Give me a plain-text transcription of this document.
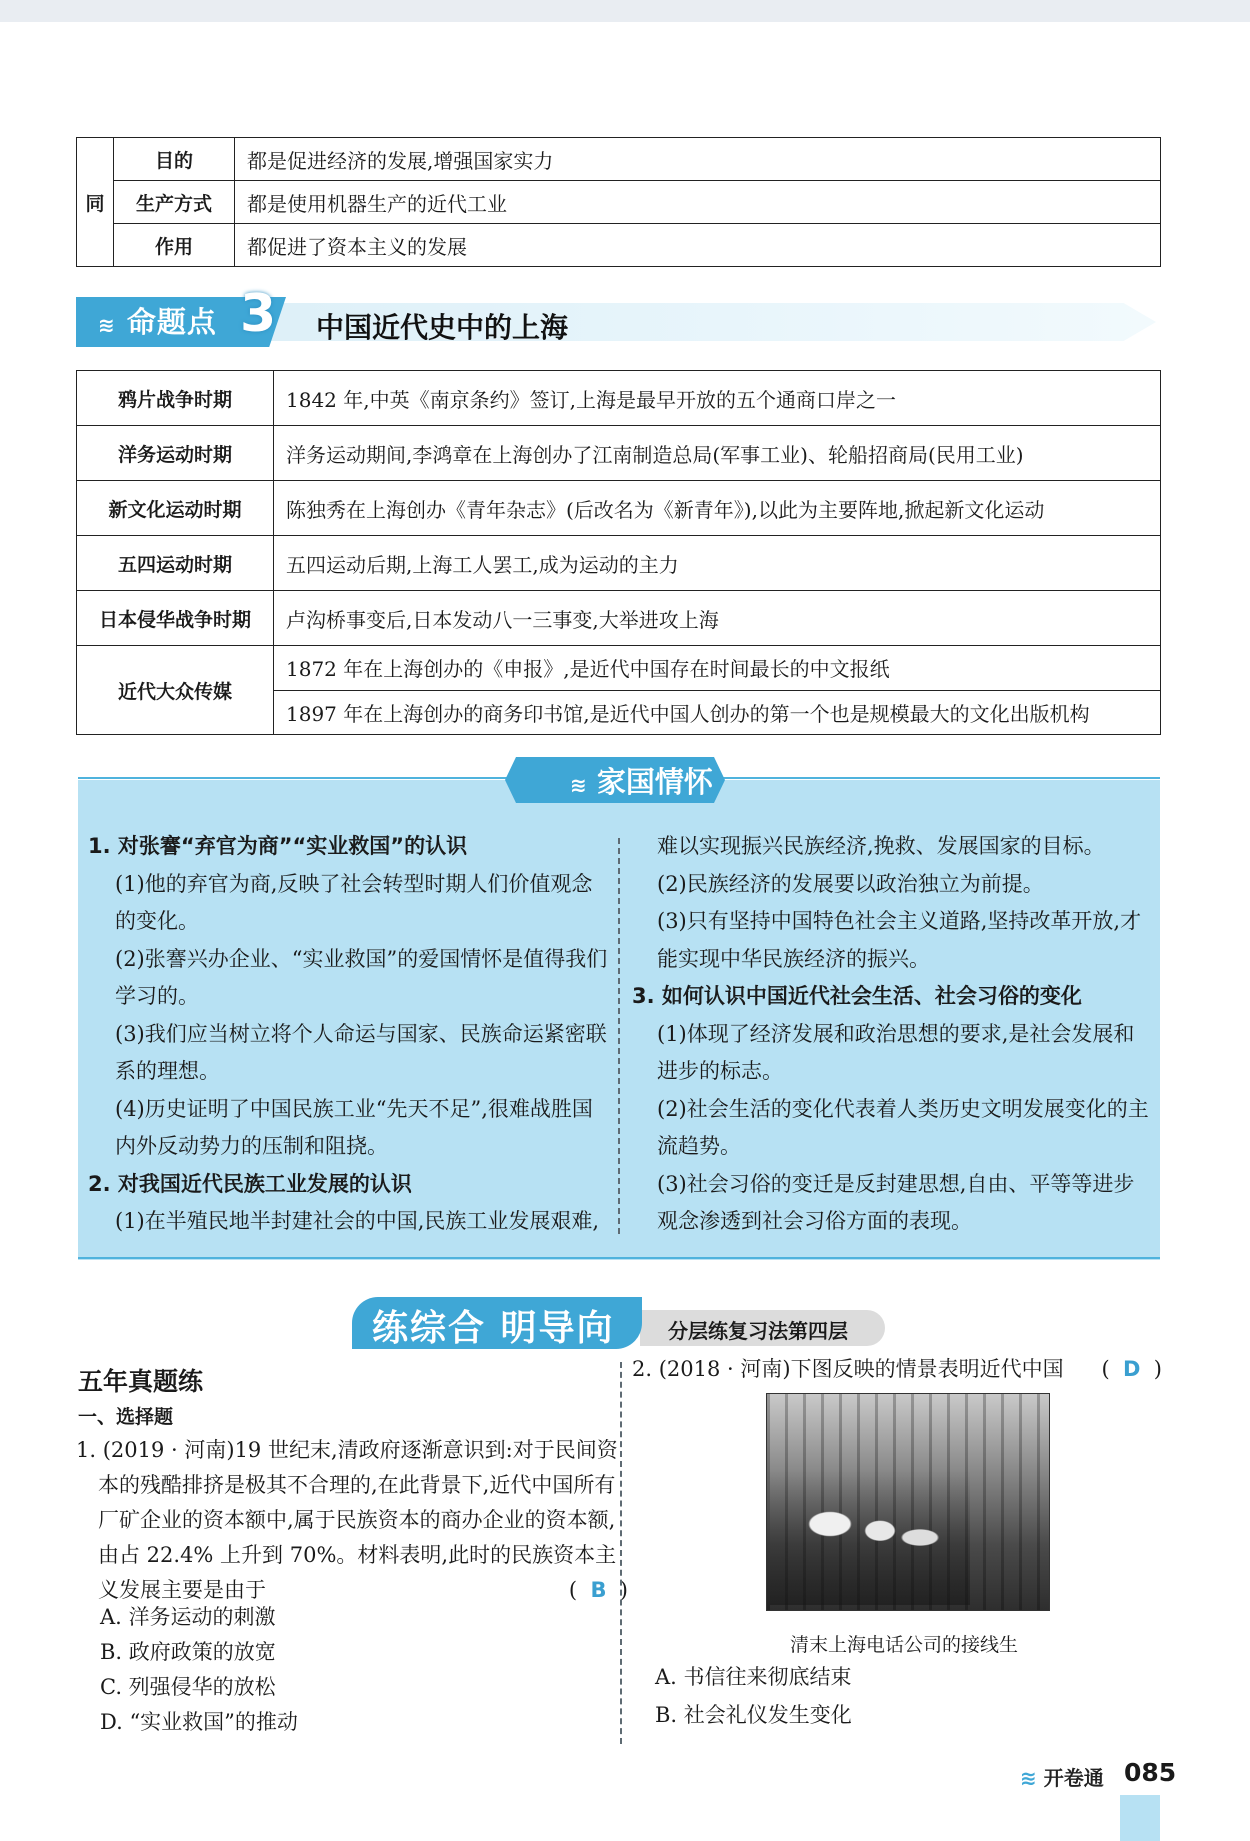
同	目的	都是促进经济的发展,增强国家实力
	生产方式	都是使用机器生产的近代工业
	作用	都促进了资本主义的发展
≋ 命题点 3 中国近代史中的上海
鸦片战争时期	1842 年,中英《南京条约》签订,上海是最早开放的五个通商口岸之一
洋务运动时期	洋务运动期间,李鸿章在上海创办了江南制造总局(军事工业)、轮船招商局(民用工业)
新文化运动时期	陈独秀在上海创办《青年杂志》(后改名为《新青年》),以此为主要阵地,掀起新文化运动
五四运动时期	五四运动后期,上海工人罢工,成为运动的主力
日本侵华战争时期	卢沟桥事变后,日本发动八一三事变,大举进攻上海
近代大众传媒	1872 年在上海创办的《申报》,是近代中国存在时间最长的中文报纸
	1897 年在上海创办的商务印书馆,是近代中国人创办的第一个也是规模最大的文化出版机构
≋ 家国情怀

1. 对张謇“弃官为商”“实业救国”的认识

(1)他的弃官为商,反映了社会转型时期人们价值观念的变化。

(2)张謇兴办企业、“实业救国”的爱国情怀是值得我们学习的。

(3)我们应当树立将个人命运与国家、民族命运紧密联系的理想。

(4)历史证明了中国民族工业“先天不足”,很难战胜国内外反动势力的压制和阻挠。

2. 对我国近代民族工业发展的认识

(1)在半殖民地半封建社会的中国,民族工业发展艰难,

难以实现振兴民族经济,挽救、发展国家的目标。

(2)民族经济的发展要以政治独立为前提。

(3)只有坚持中国特色社会主义道路,坚持改革开放,才能实现中华民族经济的振兴。

3. 如何认识中国近代社会生活、社会习俗的变化

(1)体现了经济发展和政治思想的要求,是社会发展和进步的标志。

(2)社会生活的变化代表着人类历史文明发展变化的主流趋势。

(3)社会习俗的变迁是反封建思想,自由、平等等进步观念渗透到社会习俗方面的表现。

练综合 明导向	分层练复习法第四层
五年真题练
一、选择题
1. (2019 · 河南)19 世纪末,清政府逐渐意识到:对于民间资本的残酷排挤是极其不合理的,在此背景下,近代中国所有厂矿企业的资本额中,属于民族资本的商办企业的资本额,由占 22.4% 上升到 70%。材料表明,此时的民族资本主义发展主要是由于	(  B  )
A. 洋务运动的刺激
B. 政府政策的放宽
C. 列强侵华的放松
D. “实业救国”的推动
2. (2018 · 河南)下图反映的情景表明近代中国 (  D  )
清末上海电话公司的接线生
A. 书信往来彻底结束
B. 社会礼仪发生变化
≋ 开卷通 085
